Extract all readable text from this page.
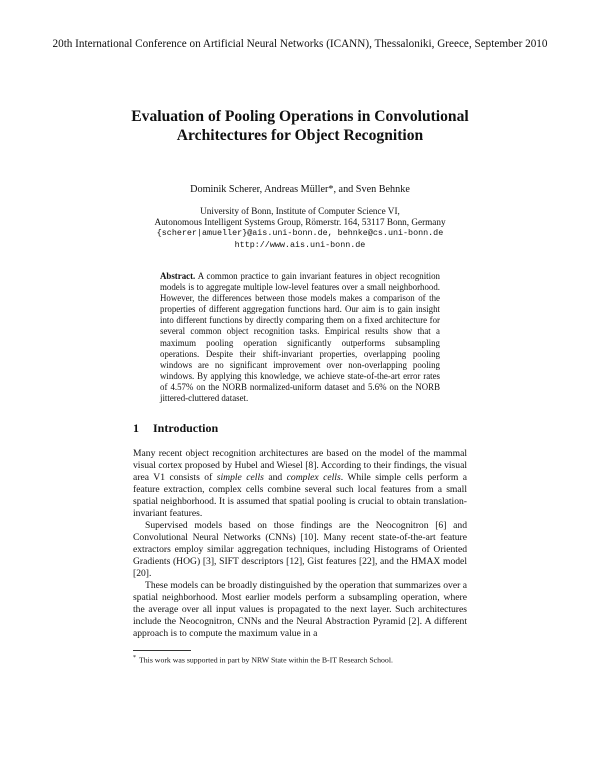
20th International Conference on Artificial Neural Networks (ICANN), Thessaloniki, Greece, September 2010
Evaluation of Pooling Operations in Convolutional Architectures for Object Recognition
Dominik Scherer, Andreas Müller*, and Sven Behnke
University of Bonn, Institute of Computer Science VI,
Autonomous Intelligent Systems Group, Römerstr. 164, 53117 Bonn, Germany
{scherer|amueller}@ais.uni-bonn.de, behnke@cs.uni-bonn.de
http://www.ais.uni-bonn.de
Abstract. A common practice to gain invariant features in object recognition models is to aggregate multiple low-level features over a small neighborhood. However, the differences between those models makes a comparison of the properties of different aggregation functions hard. Our aim is to gain insight into different functions by directly comparing them on a fixed architecture for several common object recognition tasks. Empirical results show that a maximum pooling operation significantly outperforms subsampling operations. Despite their shift-invariant properties, overlapping pooling windows are no significant improvement over non-overlapping pooling windows. By applying this knowledge, we achieve state-of-the-art error rates of 4.57% on the NORB normalized-uniform dataset and 5.6% on the NORB jittered-cluttered dataset.
1 Introduction

Many recent object recognition architectures are based on the model of the mammal visual cortex proposed by Hubel and Wiesel [8]. According to their findings, the visual area V1 consists of simple cells and complex cells. While simple cells perform a feature extraction, complex cells combine several such local features from a small spatial neighborhood. It is assumed that spatial pooling is crucial to obtain translation-invariant features.

Supervised models based on those findings are the Neocognitron [6] and Convolutional Neural Networks (CNNs) [10]. Many recent state-of-the-art feature extractors employ similar aggregation techniques, including Histograms of Oriented Gradients (HOG) [3], SIFT descriptors [12], Gist features [22], and the HMAX model [20].

These models can be broadly distinguished by the operation that summarizes over a spatial neighborhood. Most earlier models perform a subsampling operation, where the average over all input values is propagated to the next layer. Such architectures include the Neocognitron, CNNs and the Neural Abstraction Pyramid [2]. A different approach is to compute the maximum value in a

* This work was supported in part by NRW State within the B-IT Research School.
